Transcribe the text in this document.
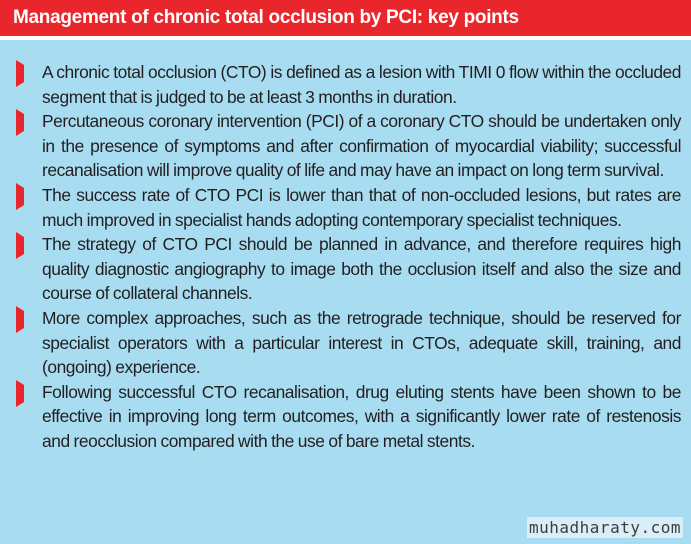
Management of chronic total occlusion by PCI: key points
A chronic total occlusion (CTO) is defined as a lesion with TIMI 0 flow within the occluded segment that is judged to be at least 3 months in duration.
Percutaneous coronary intervention (PCI) of a coronary CTO should be undertaken only in the presence of symptoms and after confirmation of myocardial viability; successful recanalisation will improve quality of life and may have an impact on long term survival.
The success rate of CTO PCI is lower than that of non-occluded lesions, but rates are much improved in specialist hands adopting contemporary specialist techniques.
The strategy of CTO PCI should be planned in advance, and therefore requires high quality diagnostic angiography to image both the occlusion itself and also the size and course of collateral channels.
More complex approaches, such as the retrograde technique, should be reserved for specialist operators with a particular interest in CTOs, adequate skill, training, and (ongoing) experience.
Following successful CTO recanalisation, drug eluting stents have been shown to be effective in improving long term outcomes, with a significantly lower rate of restenosis and reocclusion compared with the use of bare metal stents.
muhadharaty.com
